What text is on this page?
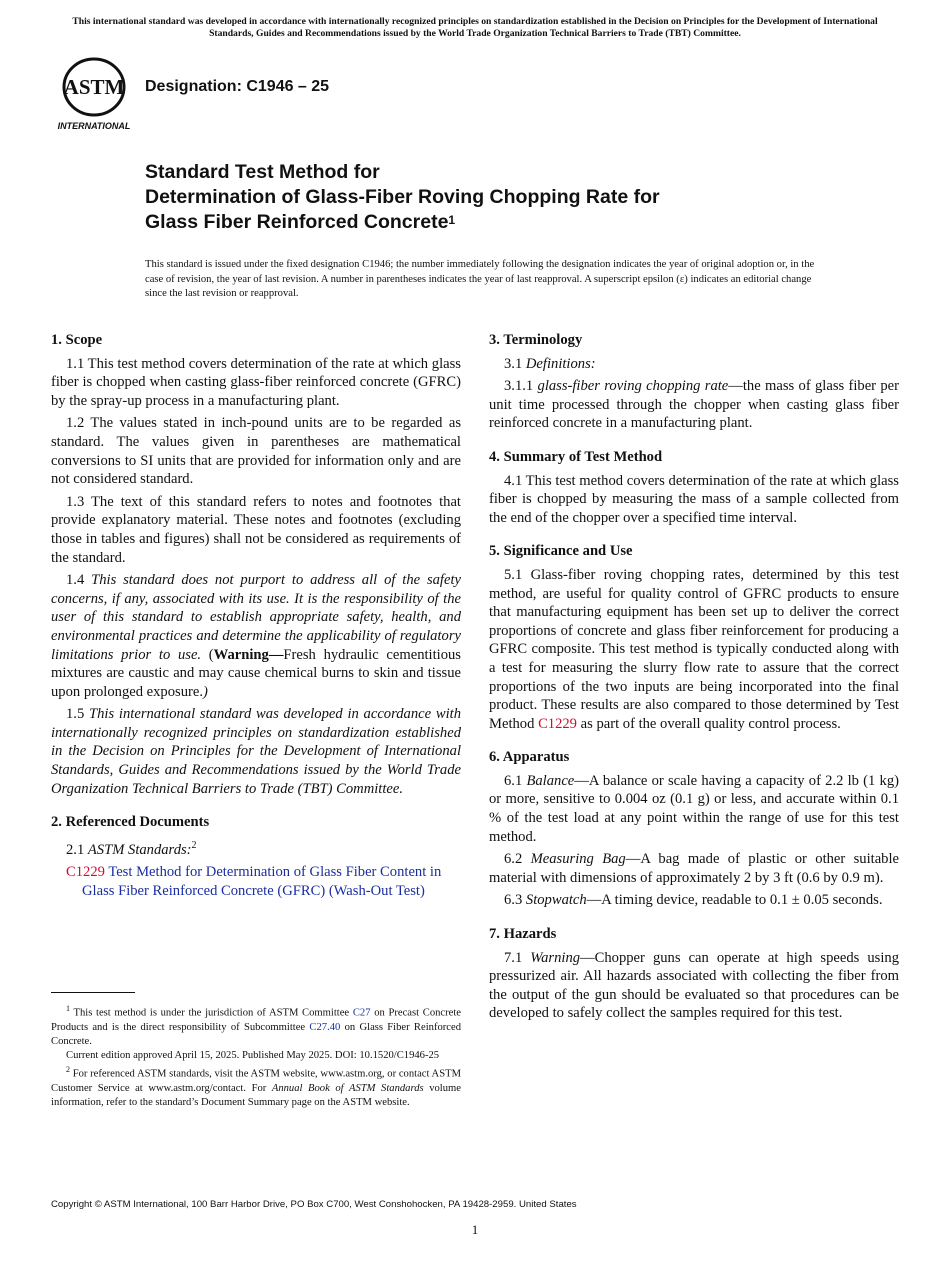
This international standard was developed in accordance with internationally recognized principles on standardization established in the Decision on Principles for the Development of International Standards, Guides and Recommendations issued by the World Trade Organization Technical Barriers to Trade (TBT) Committee.
ASTM
INTERNATIONAL
Designation: C1946 – 25
Standard Test Method for
Determination of Glass-Fiber Roving Chopping Rate for
Glass Fiber Reinforced Concrete$^1$
This standard is issued under the fixed designation C1946; the number immediately following the designation indicates the year of original adoption or, in the case of revision, the year of last revision. A number in parentheses indicates the year of last reapproval. A superscript epsilon (ε) indicates an editorial change since the last revision or reapproval.
1. Scope

1.1 This test method covers determination of the rate at which glass fiber is chopped when casting glass-fiber reinforced concrete (GFRC) by the spray-up process in a manufacturing plant.

1.2 The values stated in inch-pound units are to be regarded as standard. The values given in parentheses are mathematical conversions to SI units that are provided for information only and are not considered standard.

1.3 The text of this standard refers to notes and footnotes that provide explanatory material. These notes and footnotes (excluding those in tables and figures) shall not be considered as requirements of the standard.

1.4 This standard does not purport to address all of the safety concerns, if any, associated with its use. It is the responsibility of the user of this standard to establish appropriate safety, health, and environmental practices and determine the applicability of regulatory limitations prior to use. (Warning—Fresh hydraulic cementitious mixtures are caustic and may cause chemical burns to skin and tissue upon prolonged exposure.)

1.5 This international standard was developed in accordance with internationally recognized principles on standardization established in the Decision on Principles for the Development of International Standards, Guides and Recommendations issued by the World Trade Organization Technical Barriers to Trade (TBT) Committee.

2. Referenced Documents

2.1 ASTM Standards:$^2$

C1229 Test Method for Determination of Glass Fiber Content in Glass Fiber Reinforced Concrete (GFRC) (Wash-Out Test)

$^1$ This test method is under the jurisdiction of ASTM Committee C27 on Precast Concrete Products and is the direct responsibility of Subcommittee C27.40 on Glass Fiber Reinforced Concrete.

Current edition approved April 15, 2025. Published May 2025. DOI: 10.1520/C1946-25

$^2$ For referenced ASTM standards, visit the ASTM website, www.astm.org, or contact ASTM Customer Service at www.astm.org/contact. For Annual Book of ASTM Standards volume information, refer to the standard’s Document Summary page on the ASTM website.

3. Terminology

3.1 Definitions:

3.1.1 glass-fiber roving chopping rate—the mass of glass fiber per unit time processed through the chopper when casting glass fiber reinforced concrete in a manufacturing plant.

4. Summary of Test Method

4.1 This test method covers determination of the rate at which glass fiber is chopped by measuring the mass of a sample collected from the end of the chopper over a specified time interval.

5. Significance and Use

5.1 Glass-fiber roving chopping rates, determined by this test method, are useful for quality control of GFRC products to ensure that manufacturing equipment has been set up to deliver the correct proportions of concrete and glass fiber reinforcement for producing a GFRC composite. This test method is typically conducted along with a test for measuring the slurry flow rate to assure that the correct proportions of the two inputs are being incorporated into the final product. These results are also compared to those determined by Test Method C1229 as part of the overall quality control process.

6. Apparatus

6.1 Balance—A balance or scale having a capacity of 2.2 lb (1 kg) or more, sensitive to 0.004 oz (0.1 g) or less, and accurate within 0.1 % of the test load at any point within the range of use for this test method.

6.2 Measuring Bag—A bag made of plastic or other suitable material with dimensions of approximately 2 by 3 ft (0.6 by 0.9 m).

6.3 Stopwatch—A timing device, readable to 0.1 ± 0.05 seconds.

7. Hazards

7.1 Warning—Chopper guns can operate at high speeds using pressurized air. All hazards associated with collecting the fiber from the output of the gun should be evaluated so that procedures can be developed to safely collect the samples required for this test.

Copyright © ASTM International, 100 Barr Harbor Drive, PO Box C700, West Conshohocken, PA 19428-2959. United States
1
